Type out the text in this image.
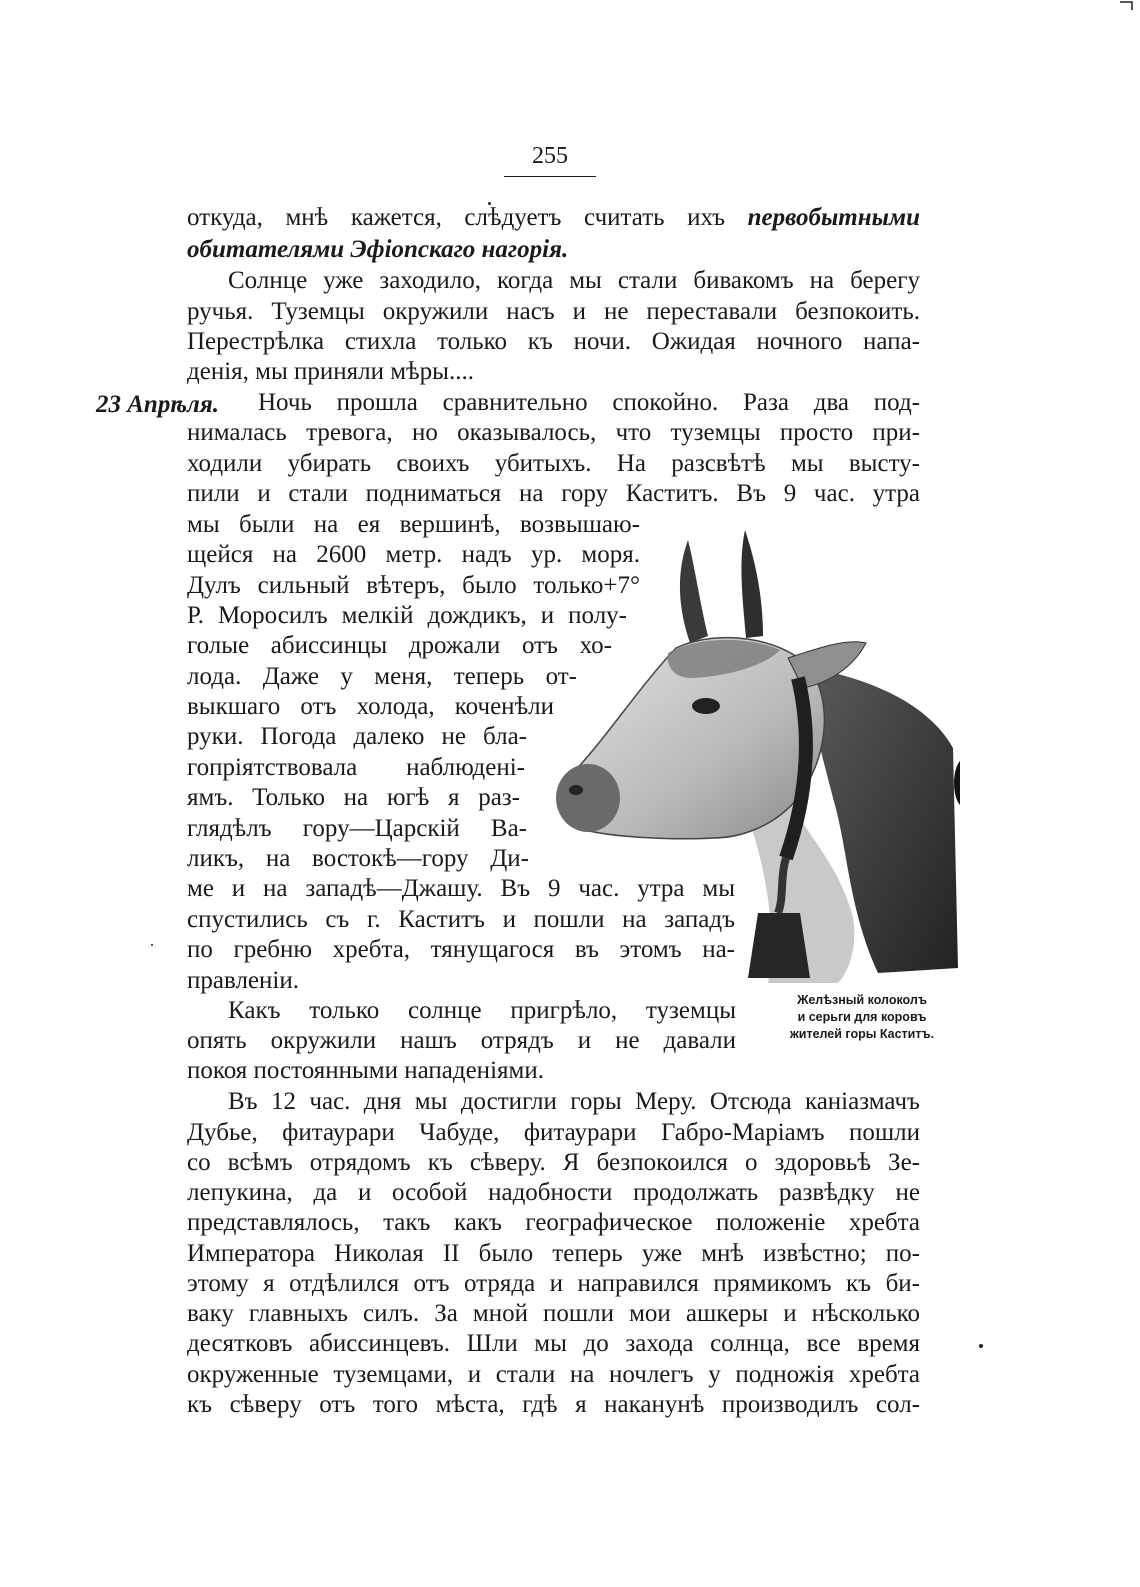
255
откуда, мнѣ кажется, слѣдуетъ считать ихъ первобытными
обитателями Эфіопскаго нагорія.
Солнце уже заходило, когда мы стали бивакомъ на берегу
ручья. Туземцы окружили насъ и не переставали безпокоить.
Перестрѣлка стихла только къ ночи. Ожидая ночного напа-
денія, мы приняли мѣры....
23 Апрѣля. Ночь прошла сравнительно спокойно. Раза два под-
нималась тревога, но оказывалось, что туземцы просто при-
ходили убирать своихъ убитыхъ. На разсвѣтѣ мы высту-
пили и стали подниматься на гору Каститъ. Въ 9 час. утра
мы были на ея вершинѣ, возвышаю-
щейся на 2600 метр. надъ ур. моря.
Дулъ сильный вѣтеръ, было только+7°
Р. Моросилъ мелкій дождикъ, и полу-
голые абиссинцы дрожали отъ хо-
лода. Даже у меня, теперь от-
выкшаго отъ холода, коченѣли
руки. Погода далеко не бла-
гопріятствовала наблюдені-
ямъ. Только на югѣ я раз-
глядѣлъ гору—Царскій Ва-
ликъ, на востокѣ—гору Ди-
ме и на западѣ—Джашу. Въ 9 час. утра мы
спустились съ г. Каститъ и пошли на западъ
по гребню хребта, тянущагося въ этомъ на-
правленіи.
Какъ только солнце пригрѣло, туземцы
опять окружили нашъ отрядъ и не давали
покоя постоянными нападеніями.
Въ 12 час. дня мы достигли горы Меру. Отсюда каніазмачъ
Дубье, фитаурари Чабуде, фитаурари Габро-Маріамъ пошли
со всѣмъ отрядомъ къ сѣверу. Я безпокоился о здоровьѣ Зе-
лепукина, да и особой надобности продолжать развѣдку не
представлялось, такъ какъ географическое положеніе хребта
Императора Николая II было теперь уже мнѣ извѣстно; по-
этому я отдѣлился отъ отряда и направился прямикомъ къ би-
ваку главныхъ силъ. За мной пошли мои ашкеры и нѣсколько
десятковъ абиссинцевъ. Шли мы до захода солнца, все время
окруженные туземцами, и стали на ночлегъ у подножія хребта
къ сѣверу отъ того мѣста, гдѣ я наканунѣ производилъ сол-
Желѣзный колоколъ
и серьги для коровъ
жителей горы Каститъ.
